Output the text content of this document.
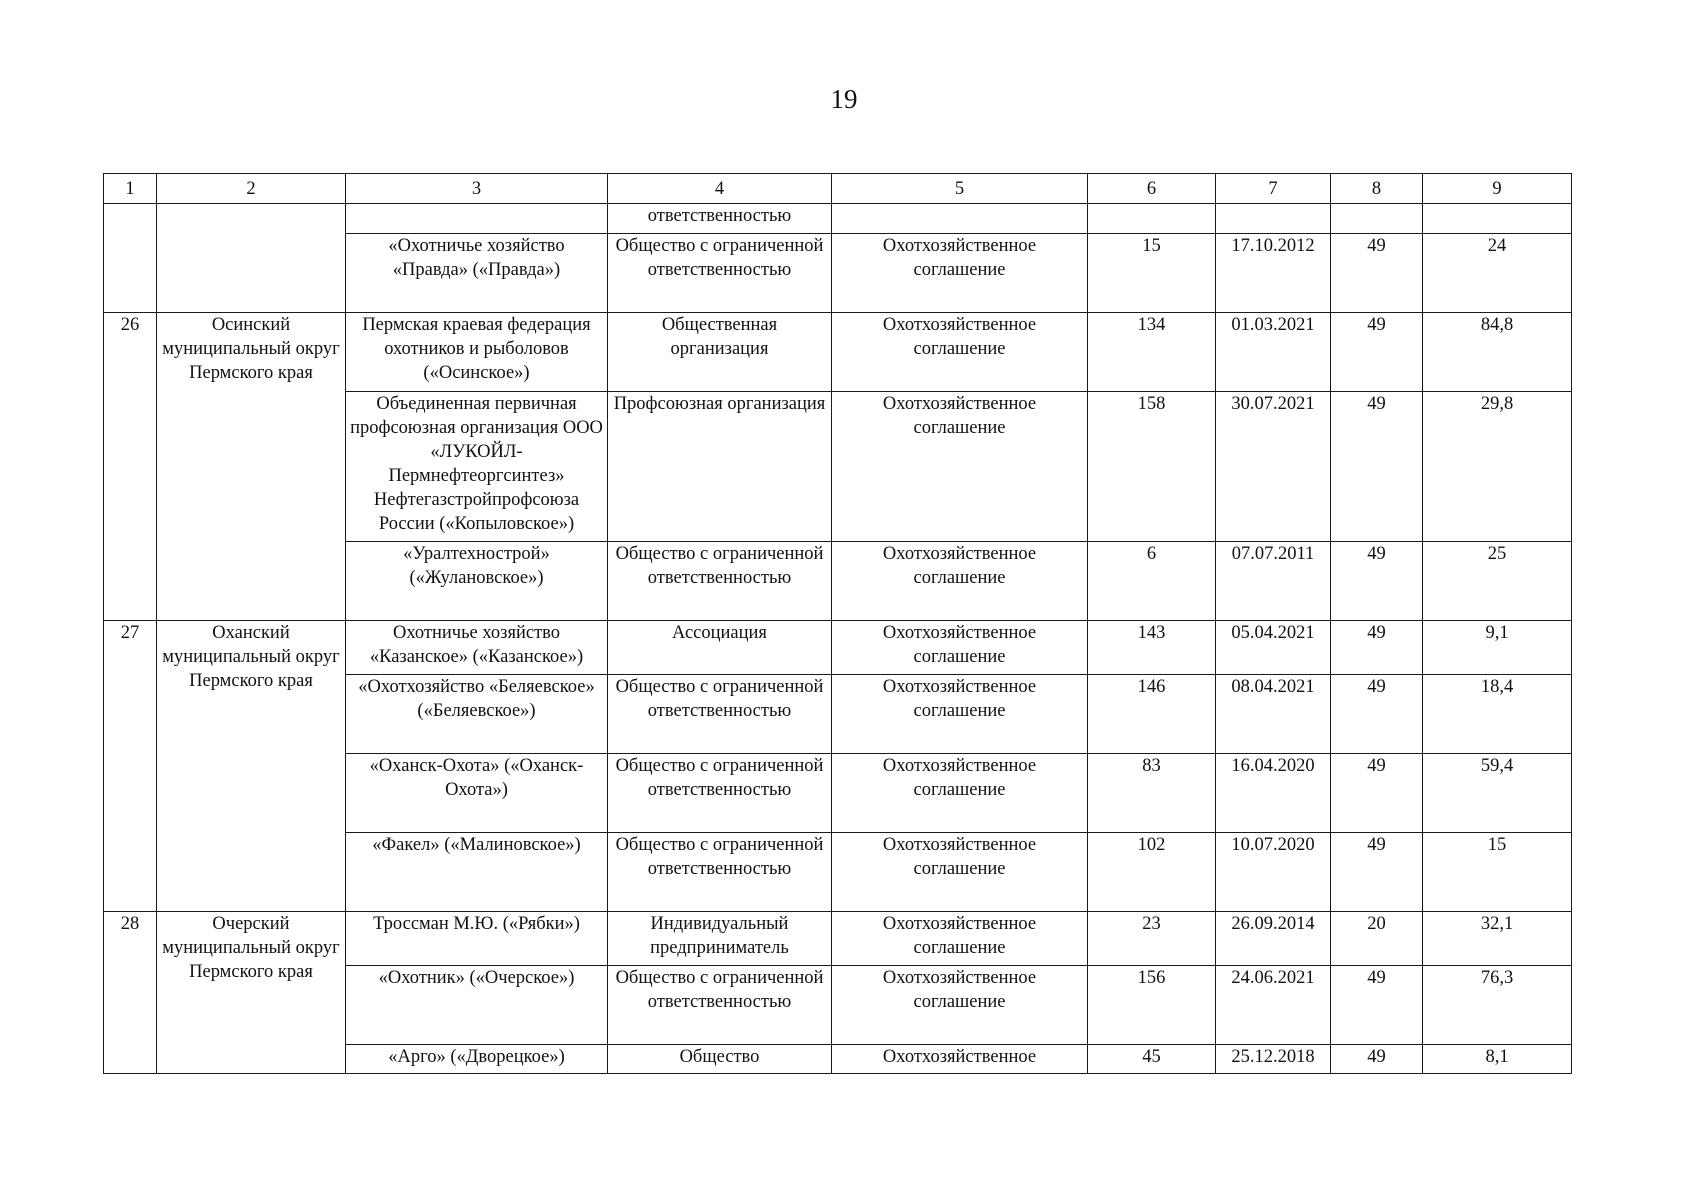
19
1	2	3	4	5	6	7	8	9
			ответственностью					
		«Охотничье хозяйство «Правда» («Правда»)	Общество с ограниченной ответственностью	Охотхозяйственное соглашение	15	17.10.2012	49	24
26	Осинский муниципальный округ Пермского края	Пермская краевая федерация охотников и рыболовов («Осинское»)	Общественная организация	Охотхозяйственное соглашение	134	01.03.2021	49	84,8
		Объединенная первичная профсоюзная организация ООО «ЛУКОЙЛ-Пермнефтеоргсинтез» Нефтегазстройпрофсоюза России («Копыловское»)	Профсоюзная организация	Охотхозяйственное соглашение	158	30.07.2021	49	29,8
		«Уралтехнострой» («Жулановское»)	Общество с ограниченной ответственностью	Охотхозяйственное соглашение	6	07.07.2011	49	25
27	Оханский муниципальный округ Пермского края	Охотничье хозяйство «Казанское» («Казанское»)	Ассоциация	Охотхозяйственное соглашение	143	05.04.2021	49	9,1
		«Охотхозяйство «Беляевское» («Беляевское»)	Общество с ограниченной ответственностью	Охотхозяйственное соглашение	146	08.04.2021	49	18,4
		«Оханск-Охота» («Оханск-Охота»)	Общество с ограниченной ответственностью	Охотхозяйственное соглашение	83	16.04.2020	49	59,4
		«Факел» («Малиновское»)	Общество с ограниченной ответственностью	Охотхозяйственное соглашение	102	10.07.2020	49	15
28	Очерский муниципальный округ Пермского края	Троссман М.Ю. («Рябки»)	Индивидуальный предприниматель	Охотхозяйственное соглашение	23	26.09.2014	20	32,1
		«Охотник» («Очерское»)	Общество с ограниченной ответственностью	Охотхозяйственное соглашение	156	24.06.2021	49	76,3
		«Арго» («Дворецкое»)	Общество	Охотхозяйственное	45	25.12.2018	49	8,1
